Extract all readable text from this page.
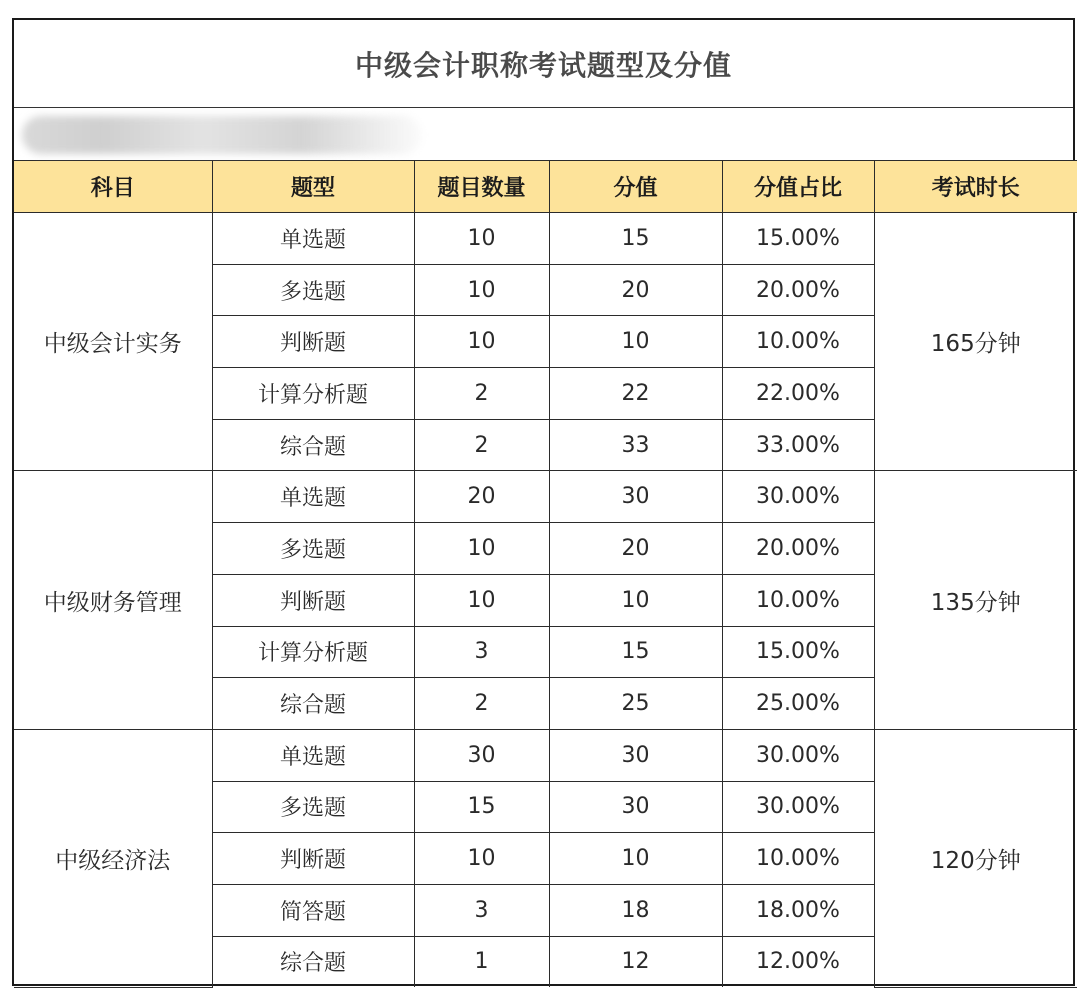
中级会计职称考试题型及分值
科目	题型	题目数量	分值	分值占比	考试时长
中级会计实务	单选题	10	15	15.00%	165分钟
	多选题	10	20	20.00%	
	判断题	10	10	10.00%	
	计算分析题	2	22	22.00%	
	综合题	2	33	33.00%	
中级财务管理	单选题	20	30	30.00%	135分钟
	多选题	10	20	20.00%	
	判断题	10	10	10.00%	
	计算分析题	3	15	15.00%	
	综合题	2	25	25.00%	
中级经济法	单选题	30	30	30.00%	120分钟
	多选题	15	30	30.00%	
	判断题	10	10	10.00%	
	简答题	3	18	18.00%	
	综合题	1	12	12.00%	
